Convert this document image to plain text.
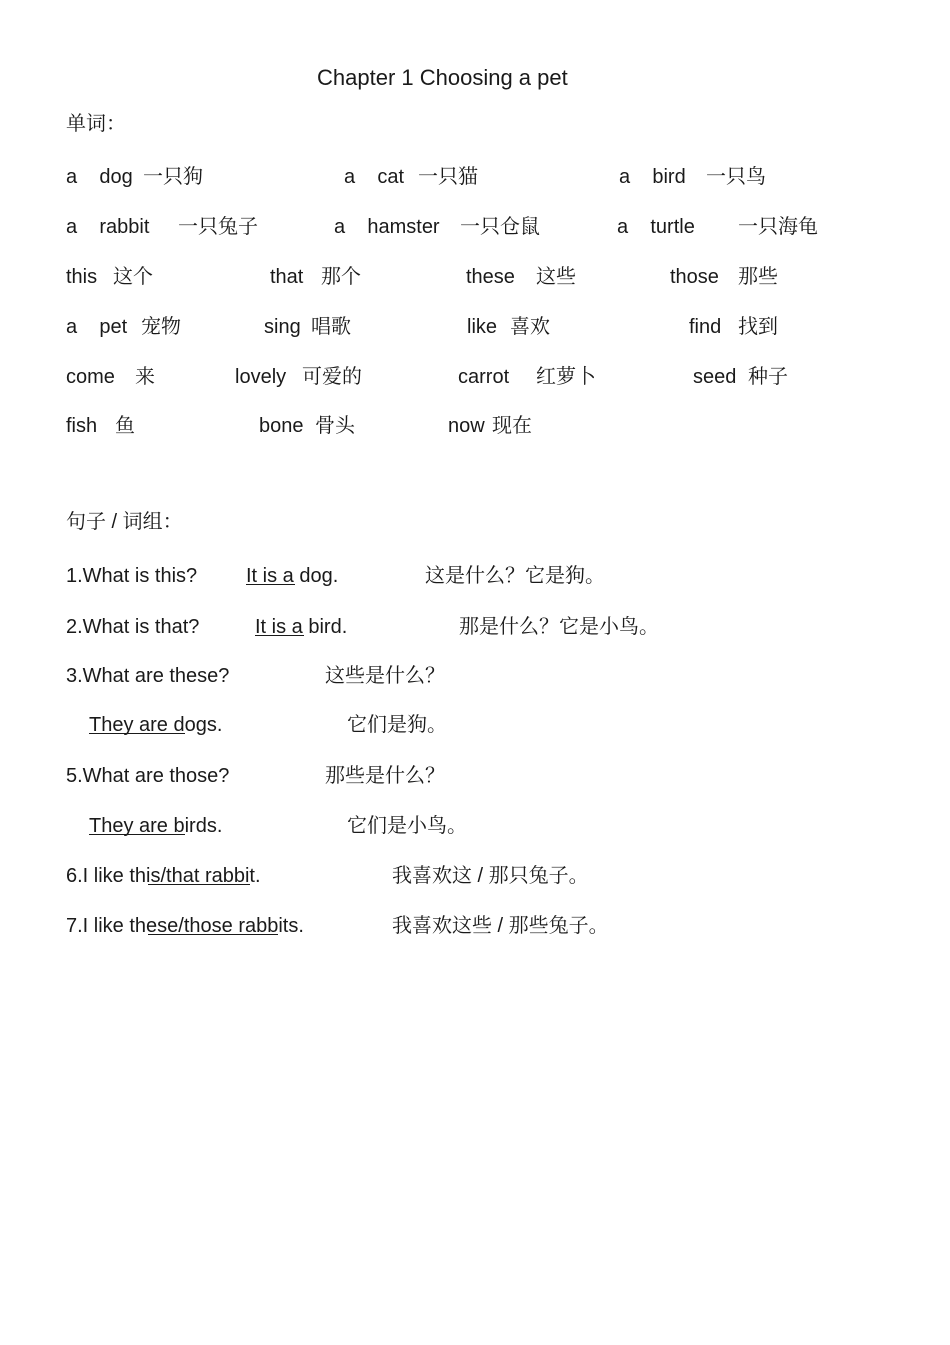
Chapter 1 Choosing a pet
单词：
a    dog 一只狗	a    cat 一只猫	a    bird 一只鸟
a    rabbit 一只兔子	a    hamster 一只仓鼠	a    turtle 一只海龟
this 这个	that 那个	these 这些	those 那些
a    pet 宠物	sing 唱歌	like 喜欢	find 找到
come 来	lovely 可爱的	carrot 红萝卜	seed 种子
fish 鱼	bone 骨头	now 现在
句子 / 词组：
1.What is this? It is a dog.	这是什么？它是狗。
2.What is that?	It is a bird.	那是什么？它是小鸟。
3.What are these?	这些是什么？
They are dogs.	它们是狗。
5.What are those?	那些是什么？
They are birds.	它们是小鸟。
6.I like this/that rabbit.	我喜欢这 / 那只兔子。
7.I like these/those rabbits.	我喜欢这些 / 那些兔子。
